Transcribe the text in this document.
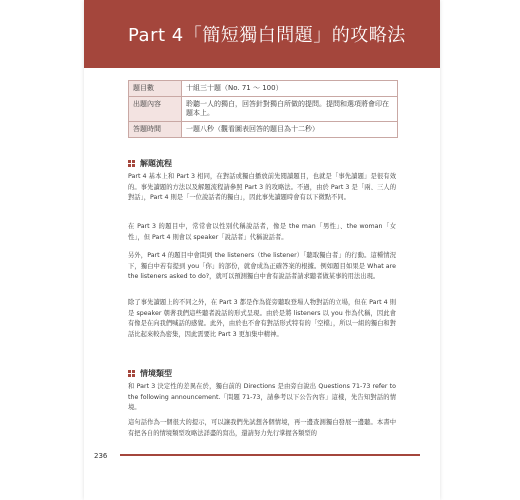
Part 4「簡短獨白問題」的攻略法
題目數	十組三十題（No. 71 ～ 100）
出題內容	聆聽一人的獨白，回答針對獨白所做的提問。提問和選項將會印在題本上。
答題時間	一題八秒（觀看圖表回答的題目為十二秒）
解題流程

Part 4 基本上和 Part 3 相同，在對話或獨白播放前先閱讀題目，也就是「事先讀題」是很有效的。事先讀題的方法以及解題流程請參照 Part 3 的攻略法。不過，由於 Part 3 是「兩、三人的對話」，Part 4 則是「一位說話者的獨白」，因此事先讀題時會有以下微點不同。

在 Part 3 的題目中，常常會以性別代稱說話者，像是 the man「男性」、the woman「女性」，但 Part 4 則會以 speaker「說話者」代稱說話者。

另外，Part 4 的題目中會問到 the listeners（the listener）「聽取獨白者」的行動。這種情況下，獨白中若有提到 you「你」的部份，就會成為正確答案的根據。例如題目如果是 What are the listeners asked to do?，就可以預測獨白中會有說話者請求聽者做某事的用法出現。

除了事先讀題上的不同之外，在 Part 3 都是作為從旁聽取登場人物對話的立場，但在 Part 4 則是 speaker 朝著我們這些聽者說話的形式呈現。由於是將 listeners 以 you 作為代稱，因此會有像是在向我們喊話的感覺。此外，由於也不會有對話形式特有的「空檔」，所以一組的獨白和對話比起來較為密集，因此需要比 Part 3 更加集中精神。

情境類型

和 Part 3 決定性的差異在於，獨白前的 Directions 是由旁白說出 Questions 71-73 refer to the following announcement.「問題 71-73，請參考以下公告內容」這樣，先告知對話的情境。

這句話作為一個很大的提示，可以讓我們先試想各個情境，再一邊查測獨白發展一邊聽。本書中有把各自的情境類型攻略法詳盡的寫出，還請努力先行掌握各類型的

236
